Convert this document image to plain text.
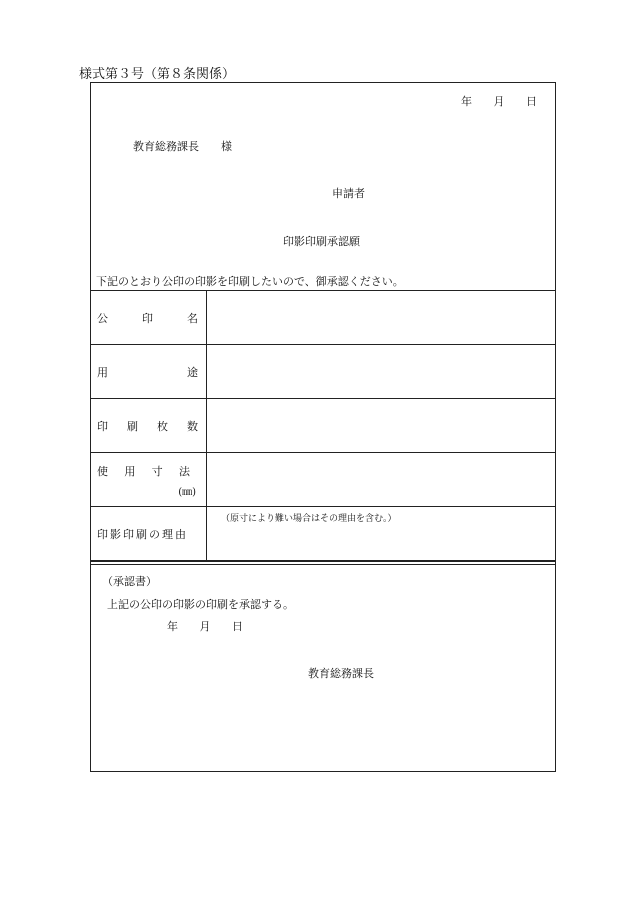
様式第３号（第８条関係）
年 月 日
教育総務課長　　様
申請者
印影印刷承認願
下記のとおり公印の印影を印刷したいので、御承認ください。
公 印 名	

用 途	

印 刷 枚 数	

使 用 寸 法
(㎜)	

印影印刷の理由	（原寸により難い場合はその理由を含む。）
（承認書）
上記の公印の印影の印刷を承認する。
年 月 日
教育総務課長
